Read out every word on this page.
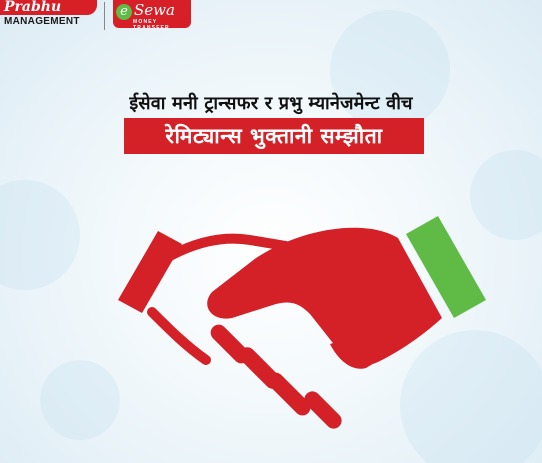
Prabhu
MANAGEMENT
e Sewa
MONEY TRANSFER
ईसेवा मनी ट्रान्सफर र प्रभु म्यानेजमेन्ट वीच
रेमिट्यान्स भुक्तानी सम्झौता
